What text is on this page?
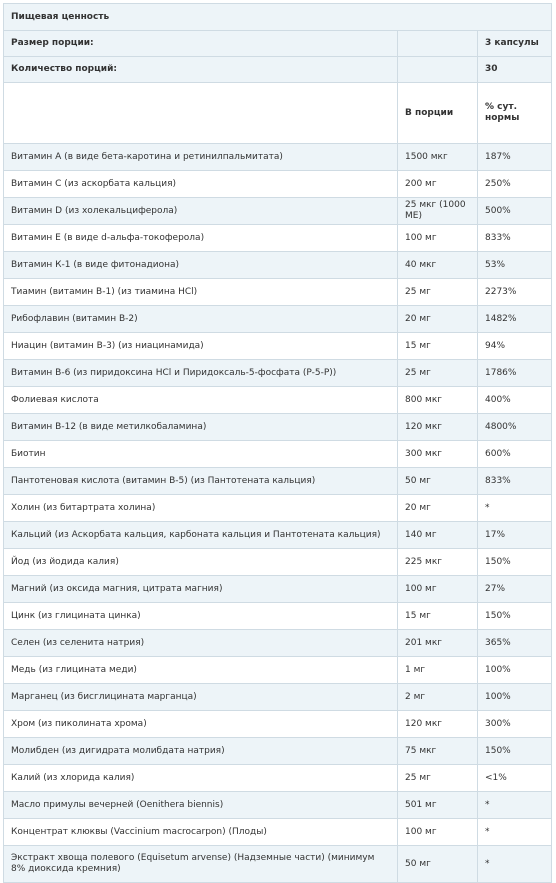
Пищевая ценность		
Размер порции:		3 капсулы
Количество порций:		30
	В порции	% сут. нормы
Витамин А (в виде бета-каротина и ретинилпальмитата)	1500 мкг	187%
Витамин С (из аскорбата кальция)	200 мг	250%
Витамин D (из холекальциферола)	25 мкг (1000 МЕ)	500%
Витамин Е (в виде d-альфа-токоферола)	100 мг	833%
Витамин К-1 (в виде фитонадиона)	40 мкг	53%
Тиамин (витамин В-1) (из тиамина HCl)	25 мг	2273%
Рибофлавин (витамин В-2)	20 мг	1482%
Ниацин (витамин В-3) (из ниацинамида)	15 мг	94%
Витамин В-6 (из пиридоксина HCl и Пиридоксаль-5-фосфата (P-5-P))	25 мг	1786%
Фолиевая кислота	800 мкг	400%
Витамин В-12 (в виде метилкобаламина)	120 мкг	4800%
Биотин	300 мкг	600%
Пантотеновая кислота (витамин В-5) (из Пантотената кальция)	50 мг	833%
Холин (из битартрата холина)	20 мг	*
Кальций (из Аскорбата кальция, карбоната кальция и Пантотената кальция)	140 мг	17%
Йод (из йодида калия)	225 мкг	150%
Магний (из оксида магния, цитрата магния)	100 мг	27%
Цинк (из глицината цинка)	15 мг	150%
Селен (из селенита натрия)	201 мкг	365%
Медь (из глицината меди)	1 мг	100%
Марганец (из бисглицината марганца)	2 мг	100%
Хром (из пиколината хрома)	120 мкг	300%
Молибден (из дигидрата молибдата натрия)	75 мкг	150%
Калий (из хлорида калия)	25 мг	<1%
Масло примулы вечерней (Oenithera biennis)	501 мг	*
Концентрат клюквы (Vaccinium macrocarpon) (Плоды)	100 мг	*
Экстракт хвоща полевого (Equisetum arvense) (Надземные части) (минимум 8% диоксида кремния)	50 мг	*
